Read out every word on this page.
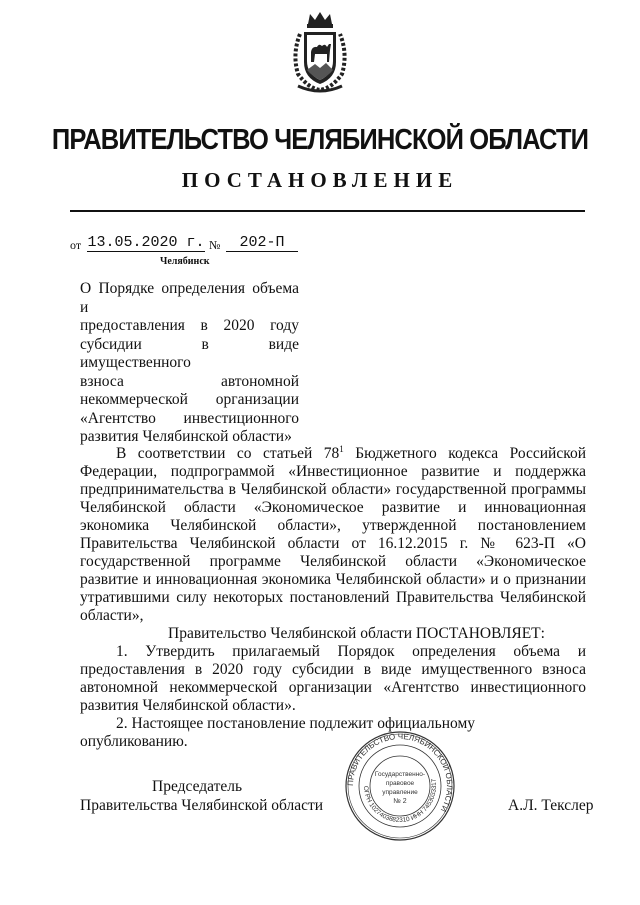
ПРАВИТЕЛЬСТВО ЧЕЛЯБИНСКОЙ ОБЛАСТИ
ПОСТАНОВЛЕНИЕ
от 13.05.2020 г. №	202-П
Челябинск
О Порядке определения объема и
предоставления в 2020 году
субсидии в виде имущественного
взноса автономной
некоммерческой организации
«Агентство инвестиционного
развития Челябинской области»

В соответствии со статьей $78^1$ Бюджетного кодекса Российской Федерации, подпрограммой «Инвестиционное развитие и поддержка предпринимательства в Челябинской области» государственной программы Челябинской области «Экономическое развитие и инновационная экономика Челябинской области», утвержденной постановлением Правительства Челябинской области от 16.12.2015 г. № 623-П «О государственной программе Челябинской области «Экономическое развитие и инновационная экономика Челябинской области» и о признании утратившими силу некоторых постановлений Правительства Челябинской области»,

Правительство Челябинской области ПОСТАНОВЛЯЕТ:

1. Утвердить прилагаемый Порядок определения объема и предоставления в 2020 году субсидии в виде имущественного взноса автономной некоммерческой организации «Агентство инвестиционного развития Челябинской области».

2. Настоящее постановление подлежит официальному опубликованию.

ПРАВИТЕЛЬСТВО ЧЕЛЯБИНСКОЙ ОБЛАСТИ
ОГРН 1027403882310 ИНН 7453033317
Государственно-
правовое
управление
№ 2
Председатель
Правительства Челябинской области	А.Л. Текслер
